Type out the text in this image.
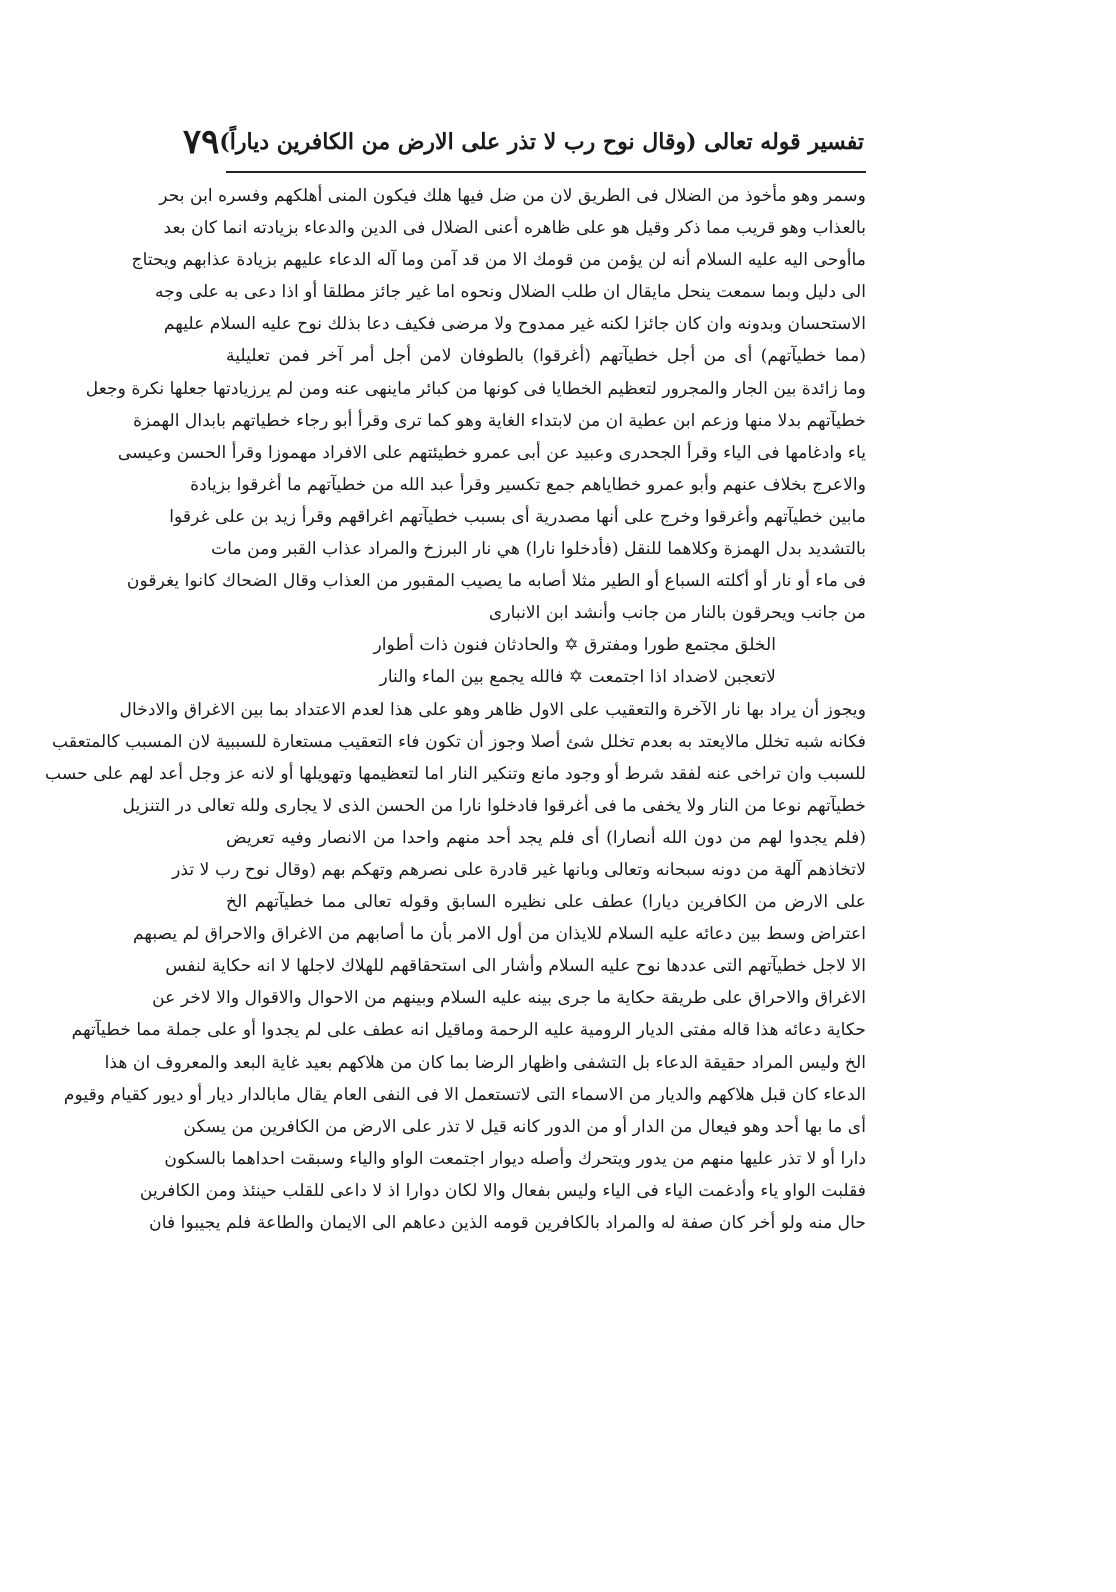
تفسير قوله تعالى (وقال نوح رب لا تذر على الارض من الكافرين دياراً)
٧٩
وسمر وهو مأخوذ من الضلال فى الطريق لان من ضل فيها هلك فيكون المنى أهلكهم وفسره ابن بحر
بالعذاب وهو قريب مما ذكر وقيل هو على ظاهره أعنى الضلال فى الدين والدعاء بزيادته انما كان بعد
ماأوحى اليه عليه السلام أنه لن يؤمن من قومك الا من قد آمن وما آله الدعاء عليهم بزيادة عذابهم ويحتاج
الى دليل وبما سمعت ينحل مايقال ان طلب الضلال ونحوه اما غير جائز مطلقا أو اذا دعى به على وجه
الاستحسان وبدونه وان كان جائزا لكنه غير ممدوح ولا مرضى فكيف دعا بذلك نوح عليه السلام عليهم
(مما خطيآتهم) أى من أجل خطيآتهم (أغرقوا) بالطوفان لامن أجل أمر آخر فمن تعليلية
وما زائدة بين الجار والمجرور لتعظيم الخطايا فى كونها من كبائر ماينهى عنه ومن لم يرزيادتها جعلها نكرة وجعل
خطيآتهم بدلا منها وزعم ابن عطية ان من لابتداء الغاية وهو كما ترى وقرأ أبو رجاء خطياتهم بابدال الهمزة
ياء وادغامها فى الياء وقرأ الجحدرى وعبيد عن أبى عمرو خطيئتهم على الافراد مهموزا وقرأ الحسن وعيسى
والاعرج بخلاف عنهم وأبو عمرو خطاياهم جمع تكسير وقرأ عبد الله من خطيآتهم ما أغرقوا بزيادة
مابين خطيآتهم وأغرقوا وخرج على أنها مصدرية أى بسبب خطيآتهم اغراقهم وقرأ زيد بن على غرقوا
بالتشديد بدل الهمزة وكلاهما للنقل (فأدخلوا نارا) هي نار البرزخ والمراد عذاب القبر ومن مات
فى ماء أو نار أو أكلته السباع أو الطير مثلا أصابه ما يصيب المقبور من العذاب وقال الضحاك كانوا يغرقون
من جانب ويحرقون بالنار من جانب وأنشد ابن الانبارى
الخلق مجتمع طورا ومفترق ✡ والحادثان فنون ذات أطوار
لاتعجبن لاضداد اذا اجتمعت ✡ فالله يجمع بين الماء والنار
ويجوز أن يراد بها نار الآخرة والتعقيب على الاول ظاهر وهو على هذا لعدم الاعتداد بما بين الاغراق والادخال
فكانه شبه تخلل مالايعتد به بعدم تخلل شئ أصلا وجوز أن تكون فاء التعقيب مستعارة للسببية لان المسبب كالمتعقب
للسبب وان تراخى عنه لفقد شرط أو وجود مانع وتنكير النار اما لتعظيمها وتهويلها أو لانه عز وجل أعد لهم على حسب
خطيآتهم نوعا من النار ولا يخفى ما فى أغرقوا فادخلوا نارا من الحسن الذى لا يجارى ولله تعالى در التنزيل
(فلم يجدوا لهم من دون الله أنصارا) أى فلم يجد أحد منهم واحدا من الانصار وفيه تعريض
لاتخاذهم آلهة من دونه سبحانه وتعالى وبانها غير قادرة على نصرهم وتهكم بهم (وقال نوح رب لا تذر
على الارض من الكافرين ديارا) عطف على نظيره السابق وقوله تعالى مما خطيآتهم الخ
اعتراض وسط بين دعائه عليه السلام للايذان من أول الامر بأن ما أصابهم من الاغراق والاحراق لم يصبهم
الا لاجل خطيآتهم التى عددها نوح عليه السلام وأشار الى استحقاقهم للهلاك لاجلها لا انه حكاية لنفس
الاغراق والاحراق على طريقة حكاية ما جرى بينه عليه السلام وبينهم من الاحوال والاقوال والا لاخر عن
حكاية دعائه هذا قاله مفتى الديار الرومية عليه الرحمة وماقيل انه عطف على لم يجدوا أو على جملة مما خطيآتهم
الخ وليس المراد حقيقة الدعاء بل التشفى واظهار الرضا بما كان من هلاكهم بعيد غاية البعد والمعروف ان هذا
الدعاء كان قبل هلاكهم والديار من الاسماء التى لاتستعمل الا فى النفى العام يقال مابالدار ديار أو ديور كقيام وقيوم
أى ما بها أحد وهو فيعال من الدار أو من الدور كانه قيل لا تذر على الارض من الكافرين من يسكن
دارا أو لا تذر عليها منهم من يدور ويتحرك وأصله ديوار اجتمعت الواو والياء وسبقت احداهما بالسكون
فقلبت الواو ياء وأدغمت الياء فى الياء وليس بفعال والا لكان دوارا اذ لا داعى للقلب حينئذ ومن الكافرين
حال منه ولو أخر كان صفة له والمراد بالكافرين قومه الذين دعاهم الى الايمان والطاعة فلم يجيبوا فان
